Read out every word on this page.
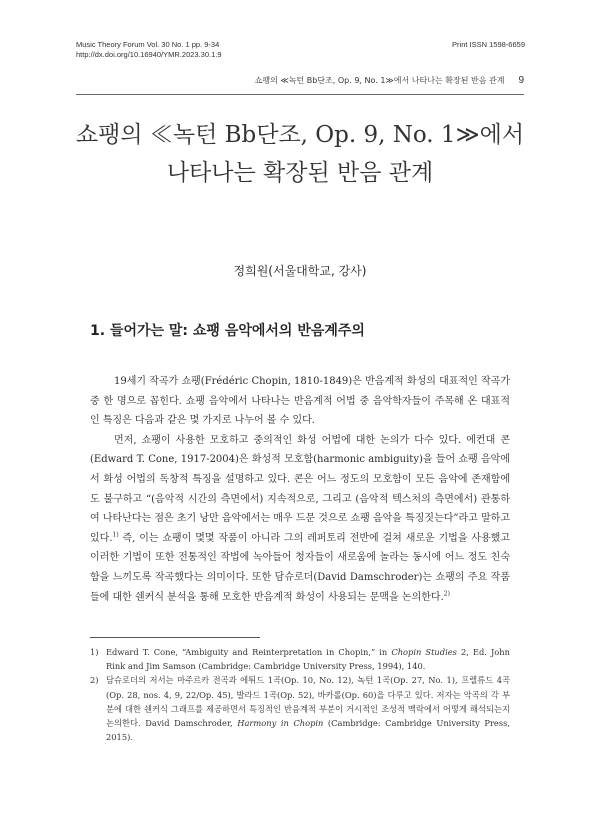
Music Theory Forum Vol. 30 No. 1 pp. 9-34
http://dx.doi.org/10.16940/YMR.2023.30.1.9
Print ISSN 1598-6659
쇼팽의 ≪녹턴 Bb단조, Op. 9, No. 1≫에서 나타나는 확장된 반음 관계 9
쇼팽의 ≪녹턴 Bb단조, Op. 9, No. 1≫에서
나타나는 확장된 반음 관계
정희원(서울대학교, 강사)
1. 들어가는 말: 쇼팽 음악에서의 반음계주의

19세기 작곡가 쇼팽(Frédéric Chopin, 1810-1849)은 반음계적 화성의 대표적인 작곡가 중 한 명으로 꼽힌다. 쇼팽 음악에서 나타나는 반음계적 어법 중 음악학자들이 주목해 온 대표적인 특징은 다음과 같은 몇 가지로 나누어 볼 수 있다.

먼저, 쇼팽이 사용한 모호하고 중의적인 화성 어법에 대한 논의가 다수 있다. 에컨대 콘(Edward T. Cone, 1917-2004)은 화성적 모호함(harmonic ambiguity)을 들어 쇼팽 음악에서 화성 어법의 독창적 특징을 설명하고 있다. 콘은 어느 정도의 모호함이 모든 음악에 존재함에도 불구하고 “(음악적 시간의 측면에서) 지속적으로, 그리고 (음악적 텍스처의 측면에서) 관통하여 나타난다는 점은 초기 낭만 음악에서는 매우 드문 것으로 쇼팽 음악을 특징짓는다”라고 말하고 있다.$^{1)}$ 즉, 이는 쇼팽이 몇몇 작품이 아니라 그의 레퍼토리 전반에 걸쳐 새로운 기법을 사용했고 이러한 기법이 또한 전통적인 작법에 녹아들어 청자들이 새로움에 놀라는 동시에 어느 정도 친숙함을 느끼도록 작곡했다는 의미이다. 또한 담슈로더(David Damschroder)는 쇼팽의 주요 작품들에 대한 쉔커식 분석을 통해 모호한 반음계적 화성이 사용되는 문맥을 논의한다.$^{2)}$

1) Edward T. Cone, “Ambiguity and Reinterpretation in Chopin,” in Chopin Studies 2, Ed. John Rink and Jim Samson (Cambridge: Cambridge University Press, 1994), 140.
2) 담슈로더의 저서는 마주르카 전곡과 에튀드 1곡(Op. 10, No. 12), 녹턴 1곡(Op. 27, No. 1), 프렐류드 4곡(Op. 28, nos. 4, 9, 22/Op. 45), 발라드 1곡(Op. 52), 바카롤(Op. 60)을 다루고 있다. 저자는 악곡의 각 부분에 대한 쉔커식 그래프를 제공하면서 특징적인 반음계적 부분이 거시적인 조성적 맥락에서 어떻게 해석되는지 논의한다. David Damschroder, Harmony in Chopin (Cambridge: Cambridge University Press, 2015).
